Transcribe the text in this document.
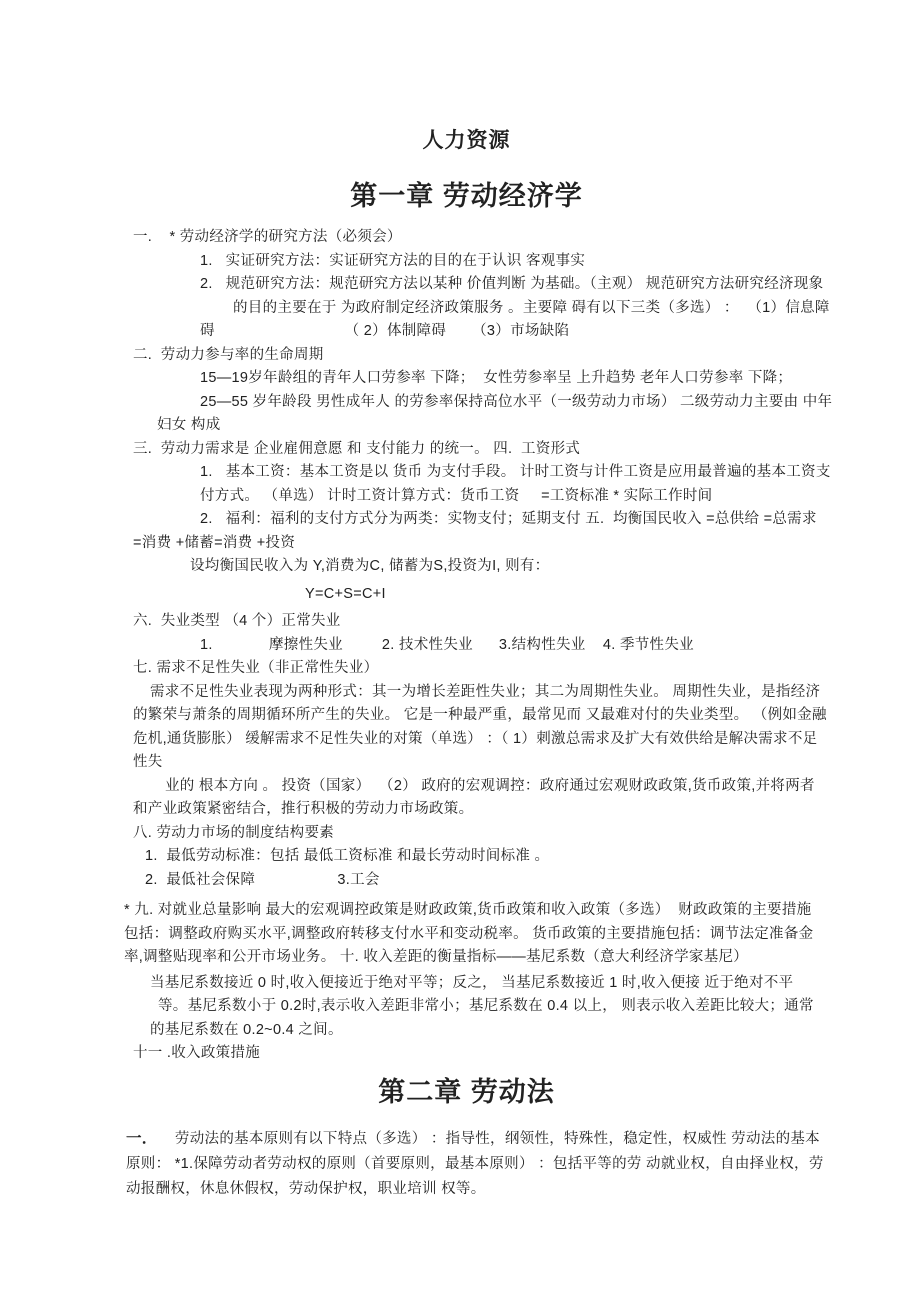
人力资源
第一章 劳动经济学
一.    * 劳动经济学的研究方法（必须会）
1.   实证研究方法：实证研究方法的目的在于认识 客观事实
2.   规范研究方法：规范研究方法以某种 价值判断 为基础。（主观） 规范研究方法研究经济现象
的目的主要在于 为政府制定经济政策服务 。主要障 碍有以下三类（多选） ：  （1）信息障
碍                              （ 2）体制障碍      （3）市场缺陷
二.  劳动力参与率的生命周期
15—19岁年龄组的青年人口劳参率 下降；  女性劳参率呈 上升趋势 老年人口劳参率 下降；
25—55 岁年龄段 男性成年人 的劳参率保持高位水平（一级劳动力市场） 二级劳动力主要由 中年
妇女 构成
三.  劳动力需求是 企业雇佣意愿 和 支付能力 的统一。 四.  工资形式
1.   基本工资：基本工资是以 货币 为支付手段。 计时工资与计件工资是应用最普遍的基本工资支
付方式。 （单选） 计时工资计算方式：货币工资     =工资标准 * 实际工作时间
2.   福利：福利的支付方式分为两类：实物支付；延期支付 五.  均衡国民收入 =总供给 =总需求
=消费 +储蓄=消费 +投资
设均衡国民收入为 Y,消费为C, 储蓄为S,投资为I, 则有：
Y=C+S=C+I
六.  失业类型 （4 个）正常失业
1.             摩擦性失业         2. 技术性失业      3.结构性失业    4. 季节性失业
七. 需求不足性失业（非正常性失业）
需求不足性失业表现为两种形式：其一为增长差距性失业；其二为周期性失业。 周期性失业，是指经济
的繁荣与萧条的周期循环所产生的失业。 它是一种最严重，最常见而 又最难对付的失业类型。 （例如金融
危机,通货膨胀） 缓解需求不足性失业的对策（单选） ：（ 1）刺激总需求及扩大有效供给是解决需求不足
性失
业的 根本方向 。 投资（国家）  （2） 政府的宏观调控：政府通过宏观财政政策,货币政策,并将两者
和产业政策紧密结合，推行积极的劳动力市场政策。
八. 劳动力市场的制度结构要素
1.  最低劳动标准：包括 最低工资标准 和最长劳动时间标准 。
2.  最低社会保障                   3.工会
* 九. 对就业总量影响 最大的宏观调控政策是财政政策,货币政策和收入政策（多选）  财政政策的主要措施
包括：调整政府购买水平,调整政府转移支付水平和变动税率。 货币政策的主要措施包括：调节法定准备金
率,调整贴现率和公开市场业务。 十. 收入差距的衡量指标——基尼系数（意大利经济学家基尼）
当基尼系数接近 0 时,收入便接近于绝对平等；反之， 当基尼系数接近 1 时,收入便接 近于绝对不平
等。基尼系数小于 0.2时,表示收入差距非常小；基尼系数在 0.4 以上， 则表示收入差距比较大；通常
的基尼系数在 0.2~0.4 之间。
十一 .收入政策措施
第二章 劳动法
一．    劳动法的基本原则有以下特点（多选） ：指导性，纲领性，特殊性，稳定性，权威性 劳动法的基本
原则： *1.保障劳动者劳动权的原则（首要原则，最基本原则） ：包括平等的劳 动就业权，自由择业权，劳
动报酬权，休息休假权，劳动保护权，职业培训 权等。
